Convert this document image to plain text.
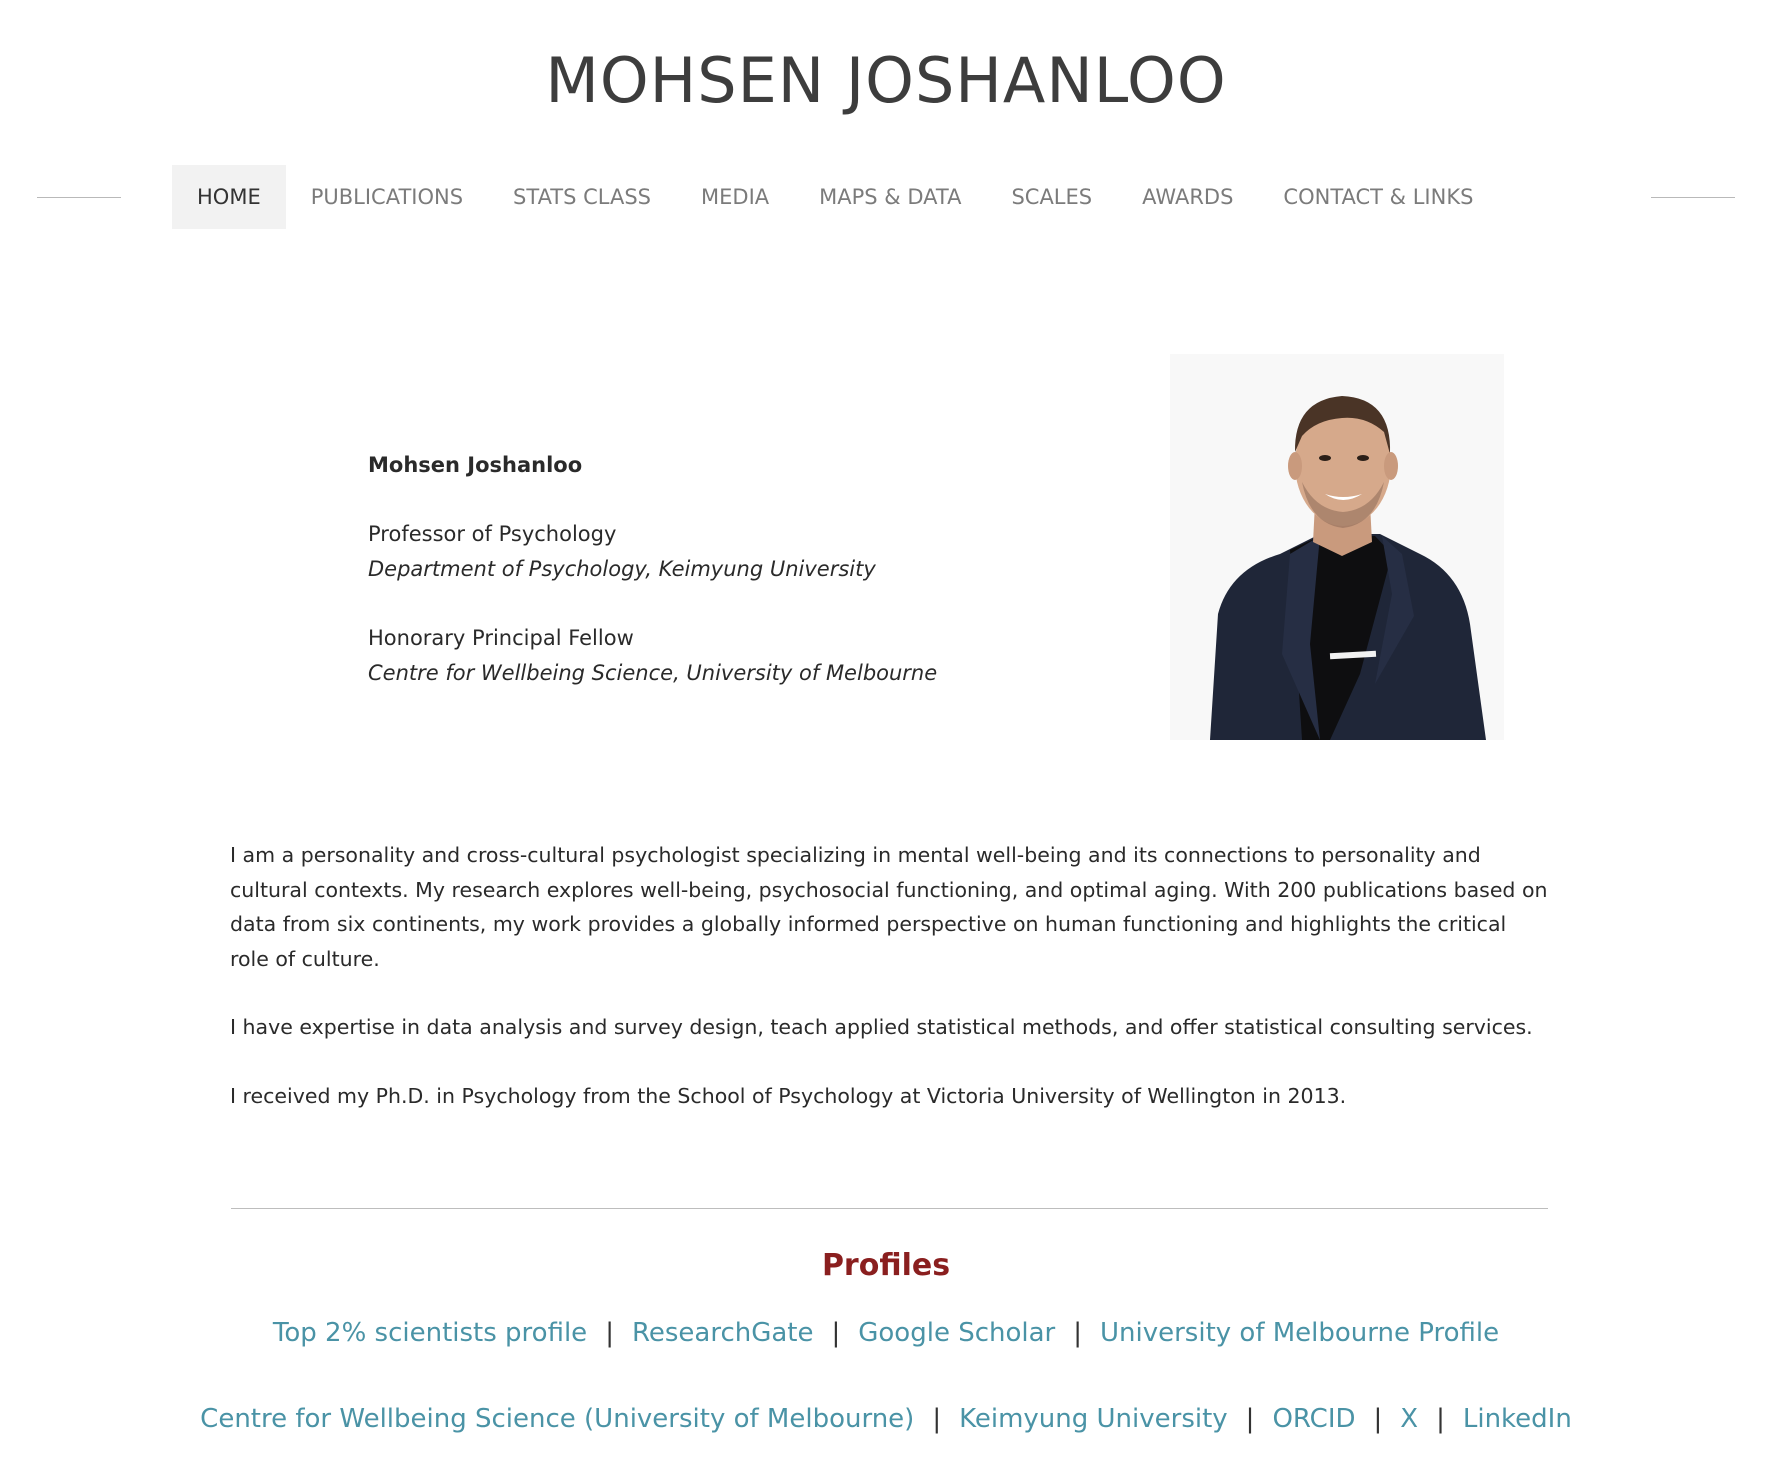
MOHSEN JOSHANLOO
HOME	PUBLICATIONS	STATS CLASS	MEDIA	MAPS & DATA	SCALES	AWARDS	CONTACT & LINKS
Mohsen Joshanloo
Professor of Psychology
Department of Psychology, Keimyung University
Honorary Principal Fellow
Centre for Wellbeing Science, University of Melbourne

I am a personality and cross-cultural psychologist specializing in mental well-being and its connections to personality and cultural contexts. My research explores well-being, psychosocial functioning, and optimal aging. With 200 publications based on data from six continents, my work provides a globally informed perspective on human functioning and highlights the critical role of culture.

I have expertise in data analysis and survey design, teach applied statistical methods, and offer statistical consulting services.

I received my Ph.D. in Psychology from the School of Psychology at Victoria University of Wellington in 2013.

Profiles
Top 2% scientists profile | ResearchGate | Google Scholar | University of Melbourne Profile
Centre for Wellbeing Science (University of Melbourne) | Keimyung University | ORCID | X | LinkedIn
